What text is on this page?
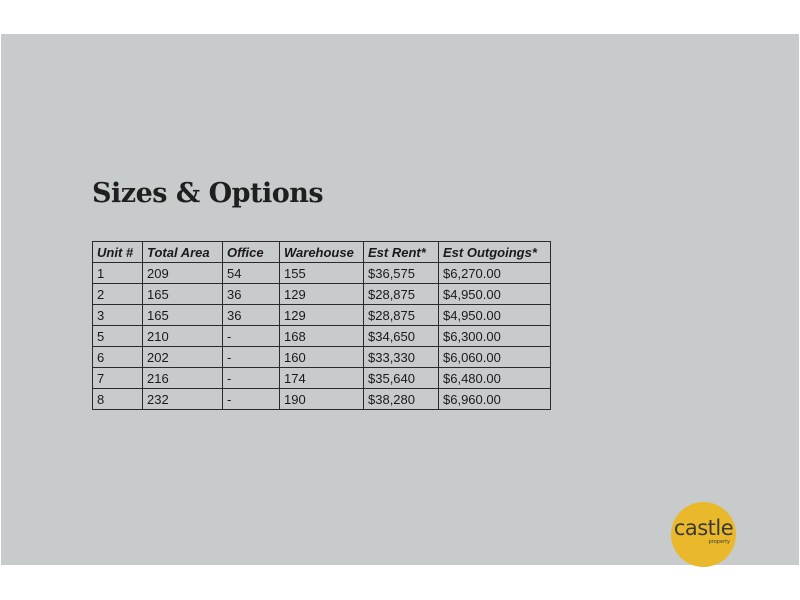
Sizes & Options
Unit #	Total Area	Office	Warehouse	Est Rent*	Est Outgoings*
1	209	54	155	$36,575	$6,270.00
2	165	36	129	$28,875	$4,950.00
3	165	36	129	$28,875	$4,950.00
5	210	-	168	$34,650	$6,300.00
6	202	-	160	$33,330	$6,060.00
7	216	-	174	$35,640	$6,480.00
8	232	-	190	$38,280	$6,960.00
castle
property
